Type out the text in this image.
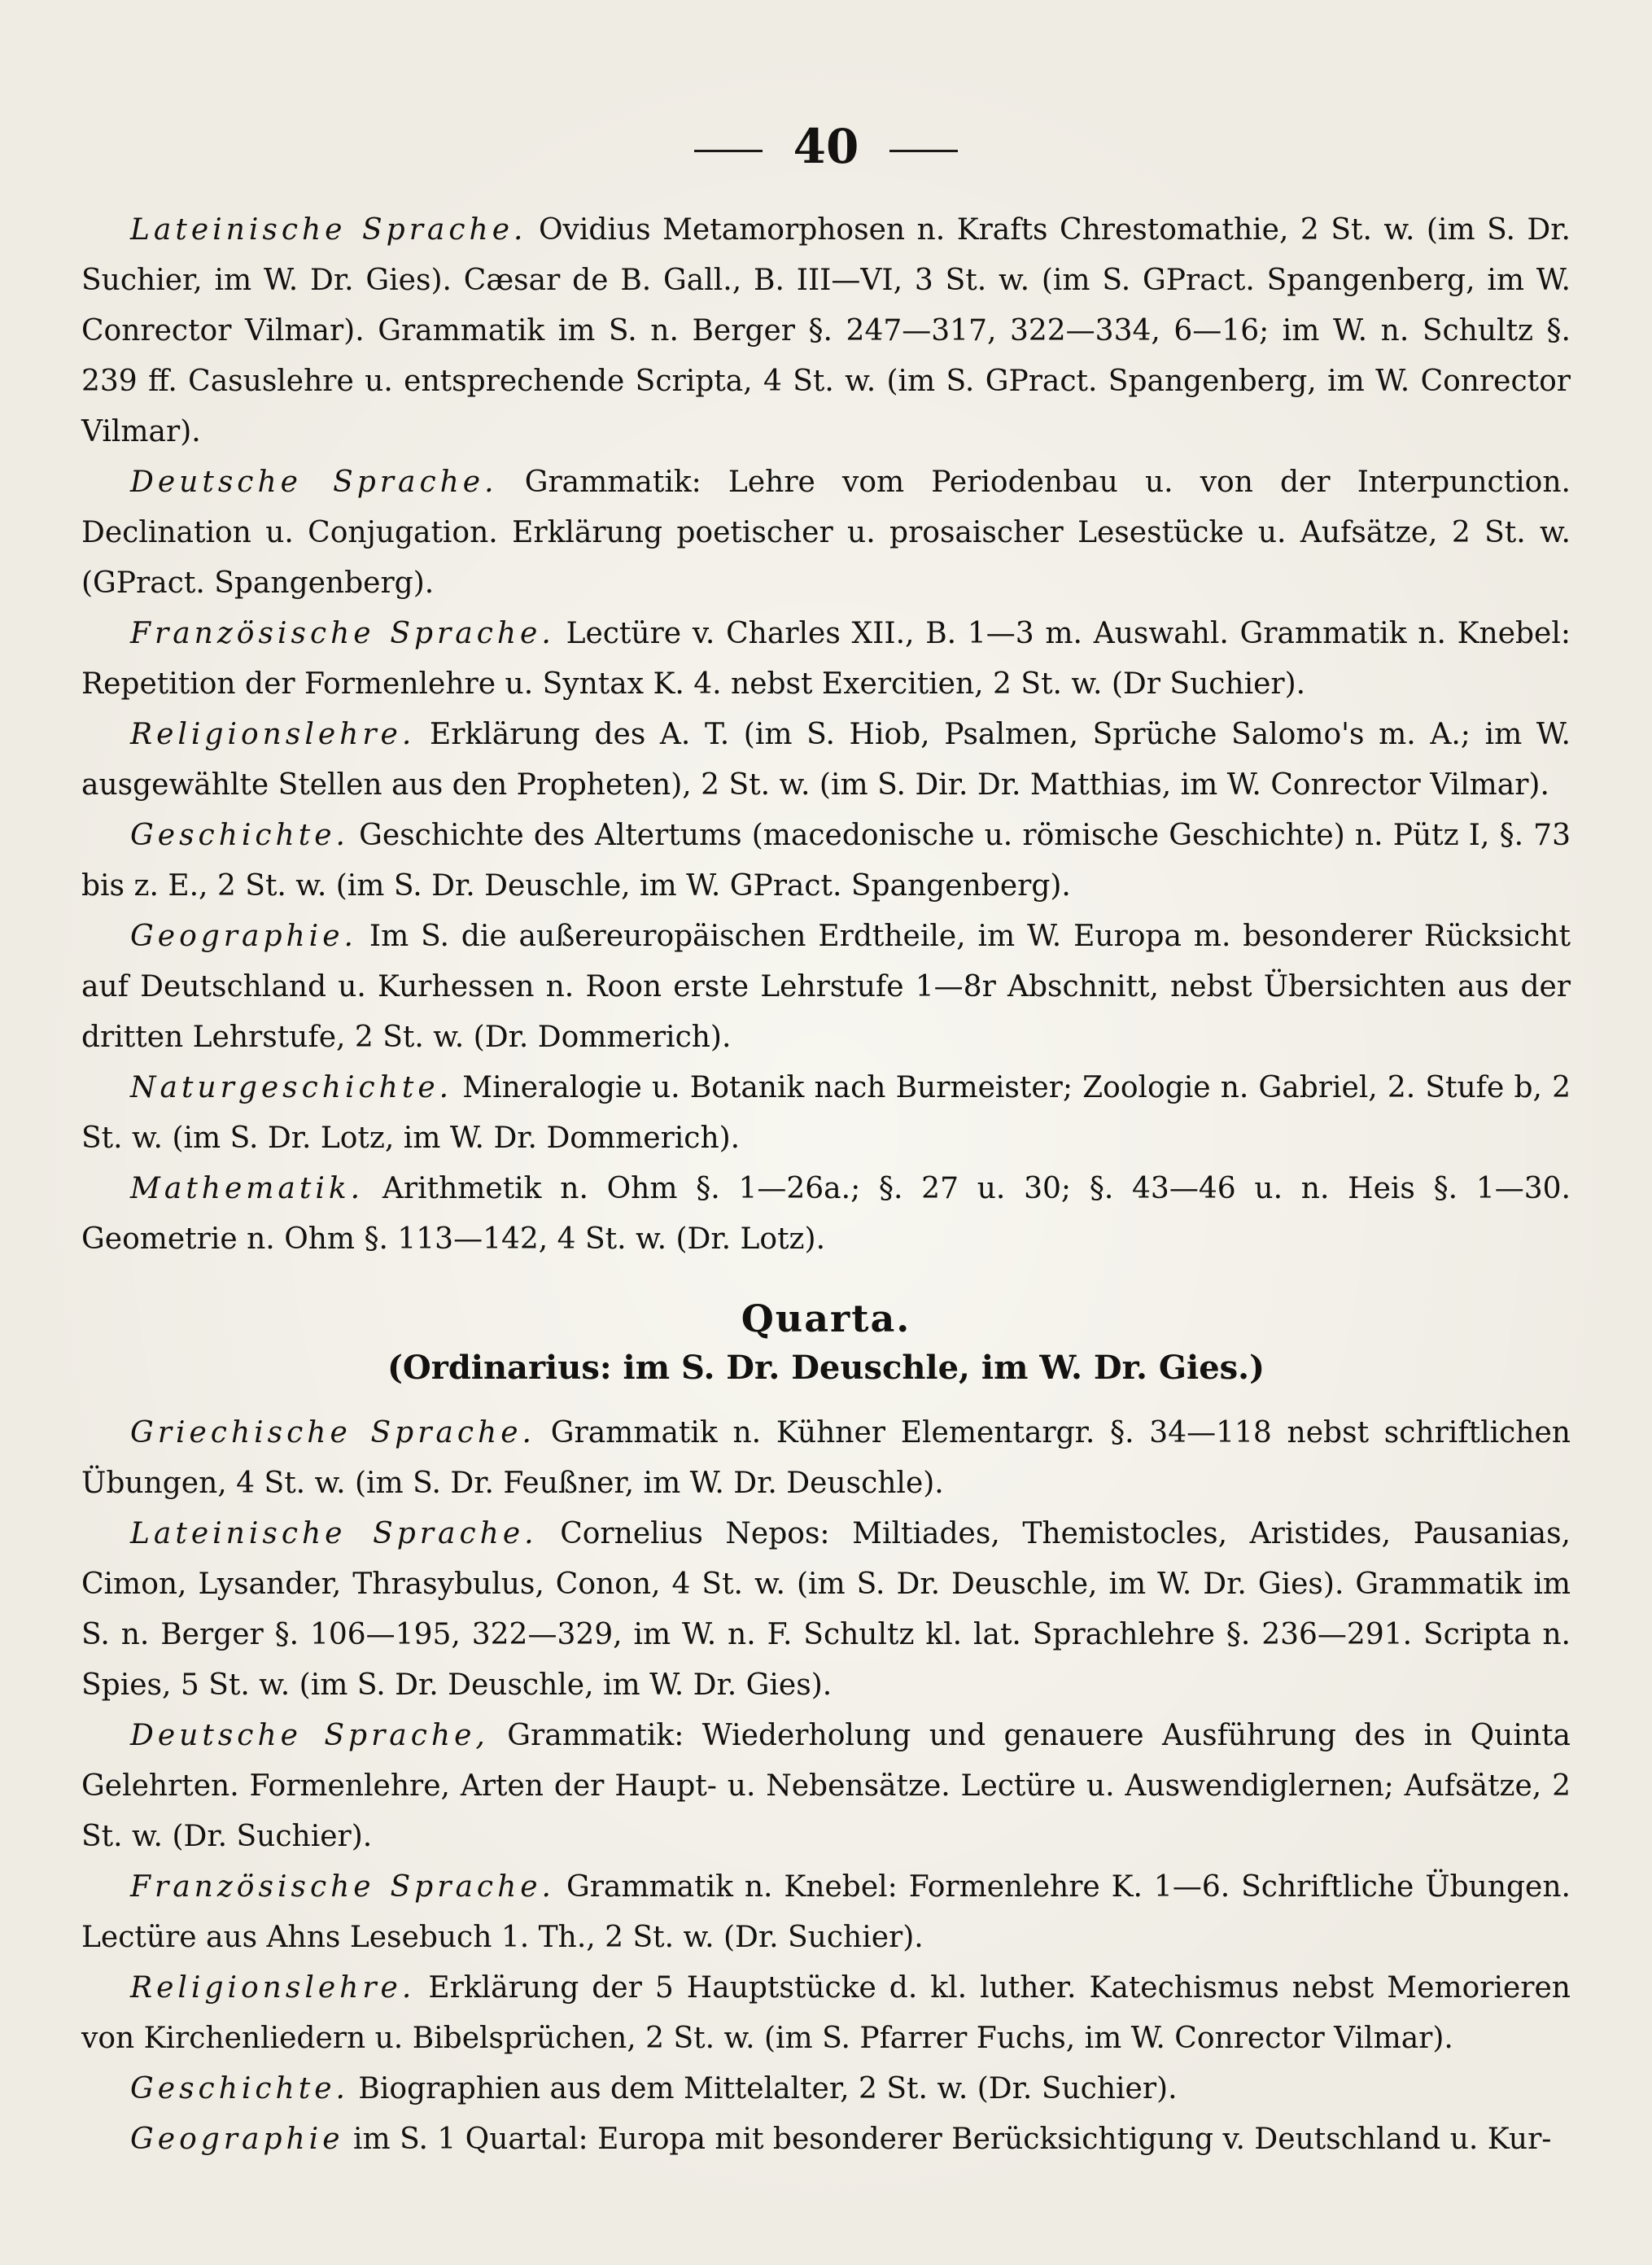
40

Lateinische Sprache. Ovidius Metamorphosen n. Krafts Chrestomathie, 2 St. w. (im S. Dr. Suchier, im W. Dr. Gies). Cæsar de B. Gall., B. III—VI, 3 St. w. (im S. GPract. Spangenberg, im W. Conrector Vilmar). Grammatik im S. n. Berger §. 247—317, 322—334, 6—16; im W. n. Schultz §. 239 ff. Casuslehre u. entsprechende Scripta, 4 St. w. (im S. GPract. Spangenberg, im W. Conrector Vilmar).

Deutsche Sprache. Grammatik: Lehre vom Periodenbau u. von der Interpunction. Declination u. Conjugation. Erklärung poetischer u. prosaischer Lesestücke u. Aufsätze, 2 St. w. (GPract. Spangenberg).

Französische Sprache. Lectüre v. Charles XII., B. 1—3 m. Auswahl. Grammatik n. Knebel: Repetition der Formenlehre u. Syntax K. 4. nebst Exercitien, 2 St. w. (Dr Suchier).

Religionslehre. Erklärung des A. T. (im S. Hiob, Psalmen, Sprüche Salomo's m. A.; im W. ausgewählte Stellen aus den Propheten), 2 St. w. (im S. Dir. Dr. Matthias, im W. Conrector Vilmar).

Geschichte. Geschichte des Altertums (macedonische u. römische Geschichte) n. Pütz I, §. 73 bis z. E., 2 St. w. (im S. Dr. Deuschle, im W. GPract. Spangenberg).

Geographie. Im S. die außereuropäischen Erdtheile, im W. Europa m. besonderer Rücksicht auf Deutschland u. Kurhessen n. Roon erste Lehrstufe 1—8r Abschnitt, nebst Übersichten aus der dritten Lehrstufe, 2 St. w. (Dr. Dommerich).

Naturgeschichte. Mineralogie u. Botanik nach Burmeister; Zoologie n. Gabriel, 2. Stufe b, 2 St. w. (im S. Dr. Lotz, im W. Dr. Dommerich).

Mathematik. Arithmetik n. Ohm §. 1—26a.; §. 27 u. 30; §. 43—46 u. n. Heis §. 1—30. Geometrie n. Ohm §. 113—142, 4 St. w. (Dr. Lotz).

Quarta.
(Ordinarius: im S. Dr. Deuschle, im W. Dr. Gies.)

Griechische Sprache. Grammatik n. Kühner Elementargr. §. 34—118 nebst schriftlichen Übungen, 4 St. w. (im S. Dr. Feußner, im W. Dr. Deuschle).

Lateinische Sprache. Cornelius Nepos: Miltiades, Themistocles, Aristides, Pausanias, Cimon, Lysander, Thrasybulus, Conon, 4 St. w. (im S. Dr. Deuschle, im W. Dr. Gies). Grammatik im S. n. Berger §. 106—195, 322—329, im W. n. F. Schultz kl. lat. Sprachlehre §. 236—291. Scripta n. Spies, 5 St. w. (im S. Dr. Deuschle, im W. Dr. Gies).

Deutsche Sprache, Grammatik: Wiederholung und genauere Ausführung des in Quinta Gelehrten. Formenlehre, Arten der Haupt- u. Nebensätze. Lectüre u. Auswendiglernen; Aufsätze, 2 St. w. (Dr. Suchier).

Französische Sprache. Grammatik n. Knebel: Formenlehre K. 1—6. Schriftliche Übungen. Lectüre aus Ahns Lesebuch 1. Th., 2 St. w. (Dr. Suchier).

Religionslehre. Erklärung der 5 Hauptstücke d. kl. luther. Katechismus nebst Memorieren von Kirchenliedern u. Bibelsprüchen, 2 St. w. (im S. Pfarrer Fuchs, im W. Conrector Vilmar).

Geschichte. Biographien aus dem Mittelalter, 2 St. w. (Dr. Suchier).

Geographie im S. 1 Quartal: Europa mit besonderer Berücksichtigung v. Deutschland u. Kur-
